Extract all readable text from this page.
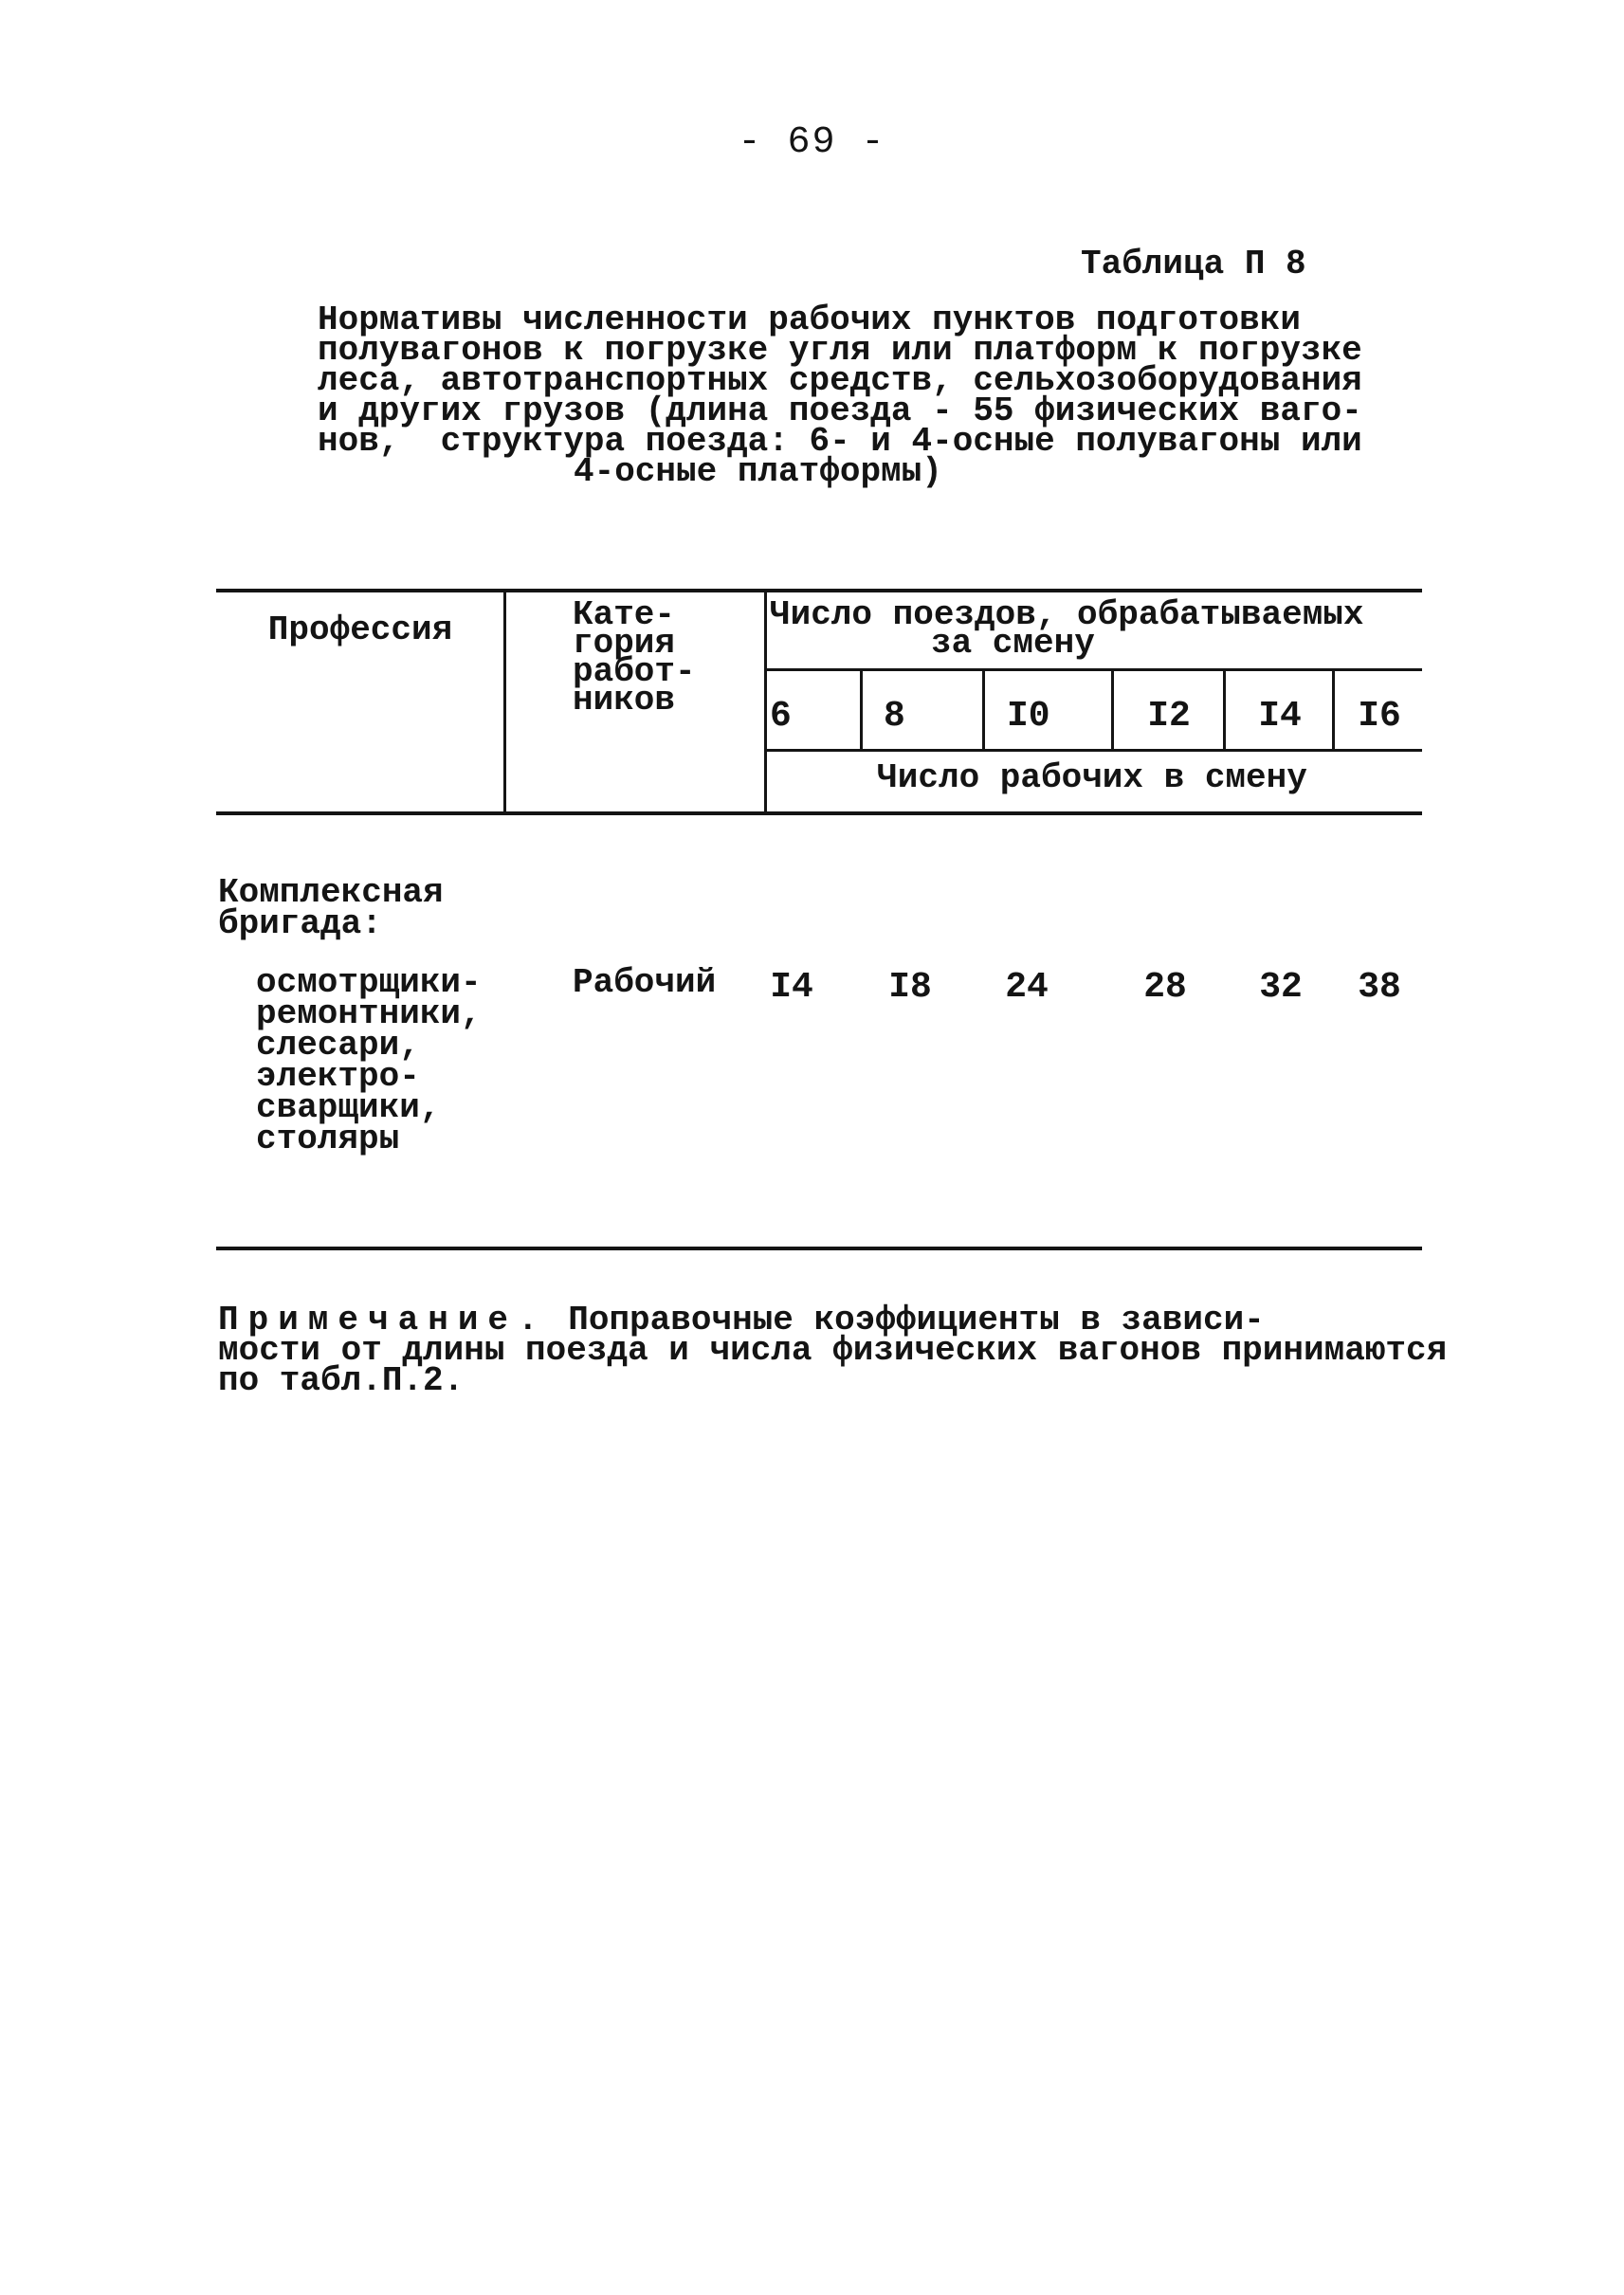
- 69 -
Таблица П 8
Нормативы численности рабочих пунктов подготовки
полувагонов к погрузке угля или платформ к погрузке
леса, автотранспортных средств, сельхозоборудования
и других грузов (длина поезда - 55 физических ваго-
нов,  структура поезда: 6- и 4-осные полувагоны или
4-осные платформы)
Профессия	Кате-
гория
работ-
ников
Число поездов, обрабатываемых
за смену
6	8	I0	I2	I4	I6
Число рабочих в смену
Комплексная
бригада:
осмотрщики-
ремонтники,
слесари,
электро-
сварщики,
столяры
Рабочий	I4	I8	24	28	32	38
Примечание. Поправочные коэффициенты в зависи-
мости от длины поезда и числа физических вагонов принимаются
по табл.П.2.
